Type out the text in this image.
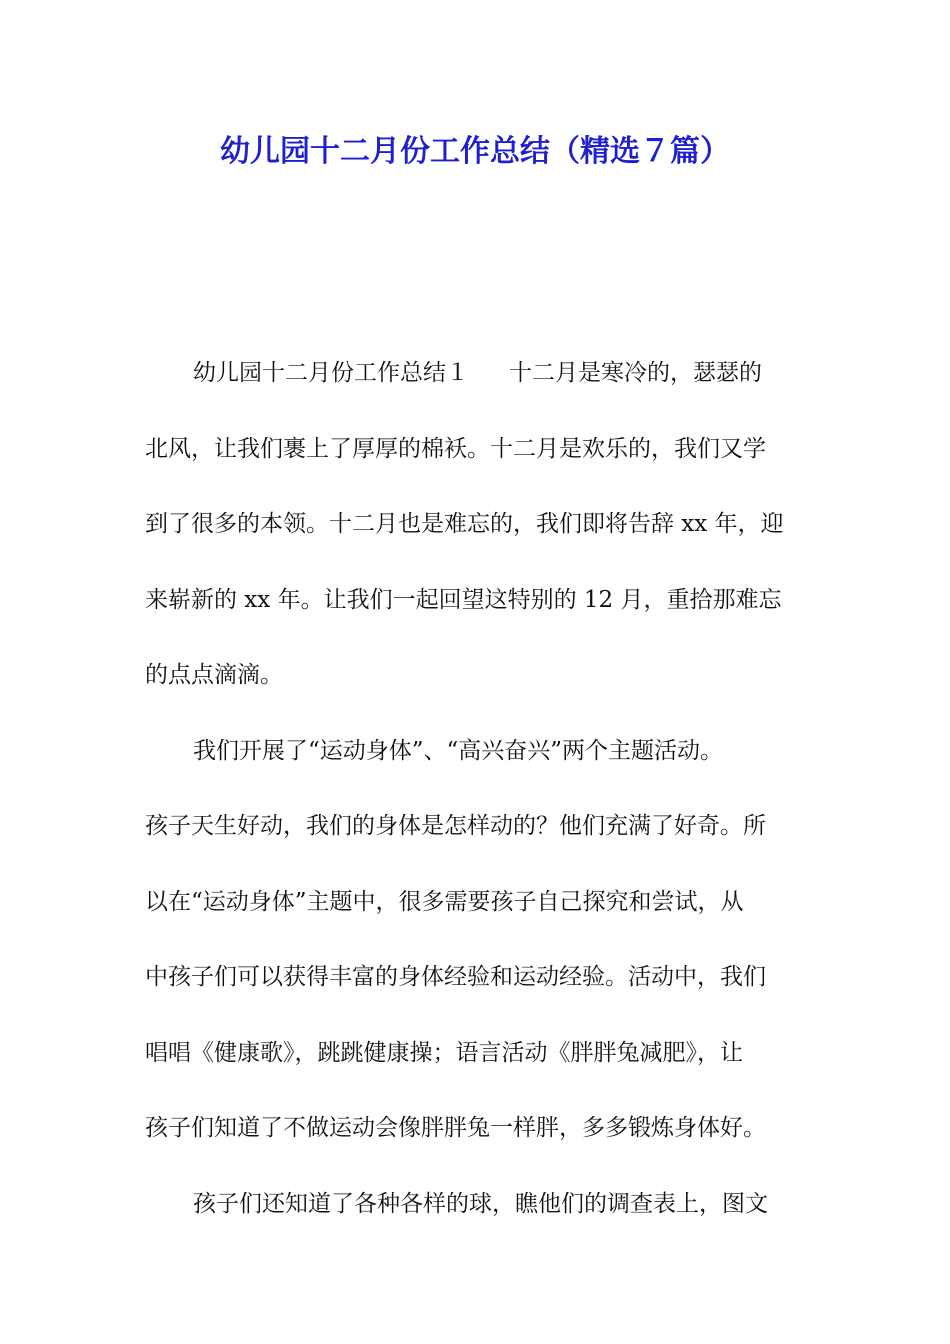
幼儿园十二月份工作总结（精选７篇）

幼儿园十二月份工作总结１ 十二月是寒冷的，瑟瑟的
北风，让我们裹上了厚厚的棉袄。十二月是欢乐的，我们又学
到了很多的本领。十二月也是难忘的，我们即将告辞 xx 年，迎
来崭新的 xx 年。让我们一起回望这特别的 12 月，重拾那难忘
的点点滴滴。

我们开展了“运动身体”、“高兴奋兴”两个主题活动。
孩子天生好动，我们的身体是怎样动的？他们充满了好奇。所
以在“运动身体”主题中，很多需要孩子自己探究和尝试，从
中孩子们可以获得丰富的身体经验和运动经验。活动中，我们
唱唱《健康歌》，跳跳健康操；语言活动《胖胖兔减肥》，让
孩子们知道了不做运动会像胖胖兔一样胖，多多锻炼身体好。

孩子们还知道了各种各样的球，瞧他们的调查表上，图文
